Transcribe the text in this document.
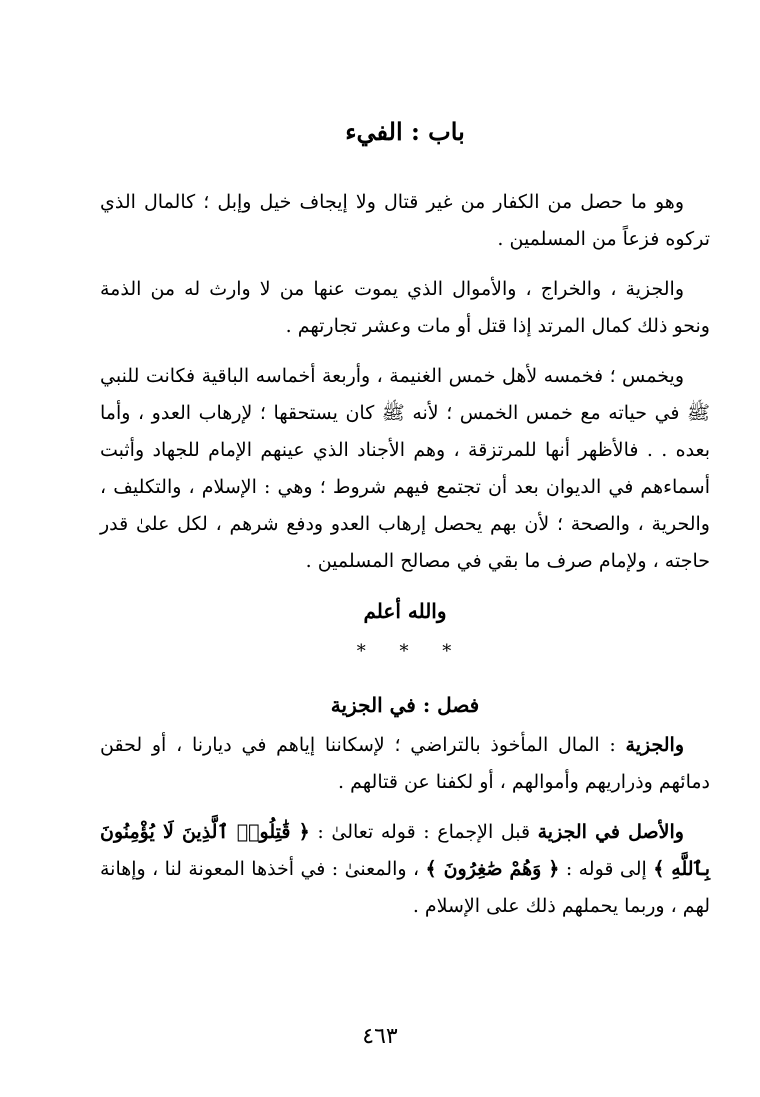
باب : الفيء

وهو ما حصل من الكفار من غير قتال ولا إيجاف خيل وإبل ؛ كالمال الذي تركوه فزعاً من المسلمين .

والجزية ، والخراج ، والأموال الذي يموت عنها من لا وارث له من الذمة ونحو ذلك كمال المرتد إذا قتل أو مات وعشر تجارتهم .

ويخمس ؛ فخمسه لأهل خمس الغنيمة ، وأربعة أخماسه الباقية فكانت للنبي ﷺ في حياته مع خمس الخمس ؛ لأنه ﷺ كان يستحقها ؛ لإرهاب العدو ، وأما بعده . . فالأظهر أنها للمرتزقة ، وهم الأجناد الذي عينهم الإمام للجهاد وأثبت أسماءهم في الديوان بعد أن تجتمع فيهم شروط ؛ وهي : الإسلام ، والتكليف ، والحرية ، والصحة ؛ لأن بهم يحصل إرهاب العدو ودفع شرهم ، لكل علىٰ قدر حاجته ، ولإمام صرف ما بقي في مصالح المسلمين .

والله أعلم
* * *
فصل : في الجزية

والجزية : المال المأخوذ بالتراضي ؛ لإسكاننا إياهم في ديارنا ، أو لحقن دمائهم وذراريهم وأموالهم ، أو لكفنا عن قتالهم .

والأصل في الجزية قبل الإجماع : قوله تعالىٰ : ﴿ قَٰتِلُوا۟ ٱلَّذِينَ لَا يُؤْمِنُونَ بِٱللَّهِ ﴾ إلى قوله : ﴿ وَهُمْ صَٰغِرُونَ ﴾ ، والمعنىٰ : في أخذها المعونة لنا ، وإهانة لهم ، وربما يحملهم ذلك على الإسلام .

٤٦٣
